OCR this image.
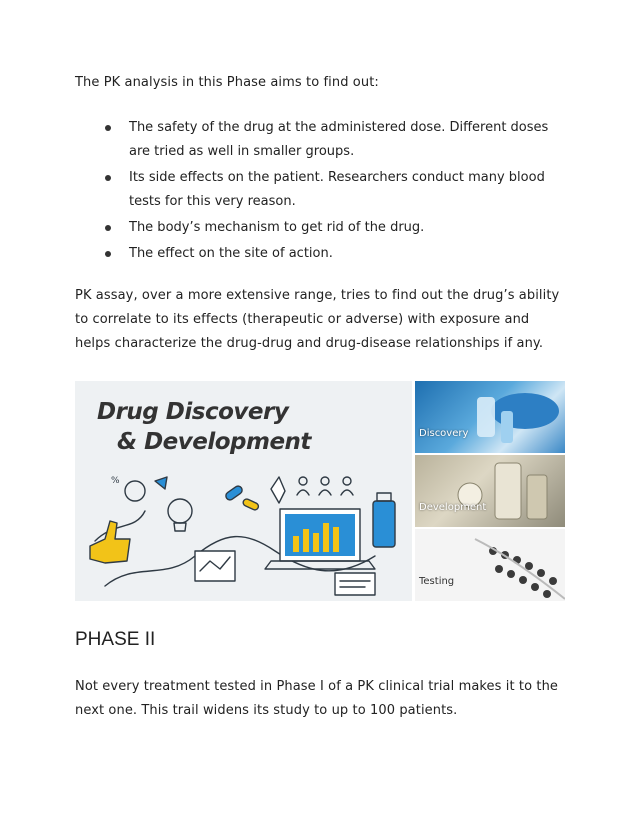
The PK analysis in this Phase aims to find out:
The safety of the drug at the administered dose. Different doses are tried as well in smaller groups.
Its side effects on the patient. Researchers conduct many blood tests for this very reason.
The body’s mechanism to get rid of the drug.
The effect on the site of action.
PK assay, over a more extensive range, tries to find out the drug’s ability to correlate to its effects (therapeutic or adverse) with exposure and helps characterize the drug-drug and drug-disease relationships if any.
Drug Discovery
& Development
%
Discovery
Development
Testing
PHASE II
Not every treatment tested in Phase I of a PK clinical trial makes it to the next one. This trail widens its study to up to 100 patients.
